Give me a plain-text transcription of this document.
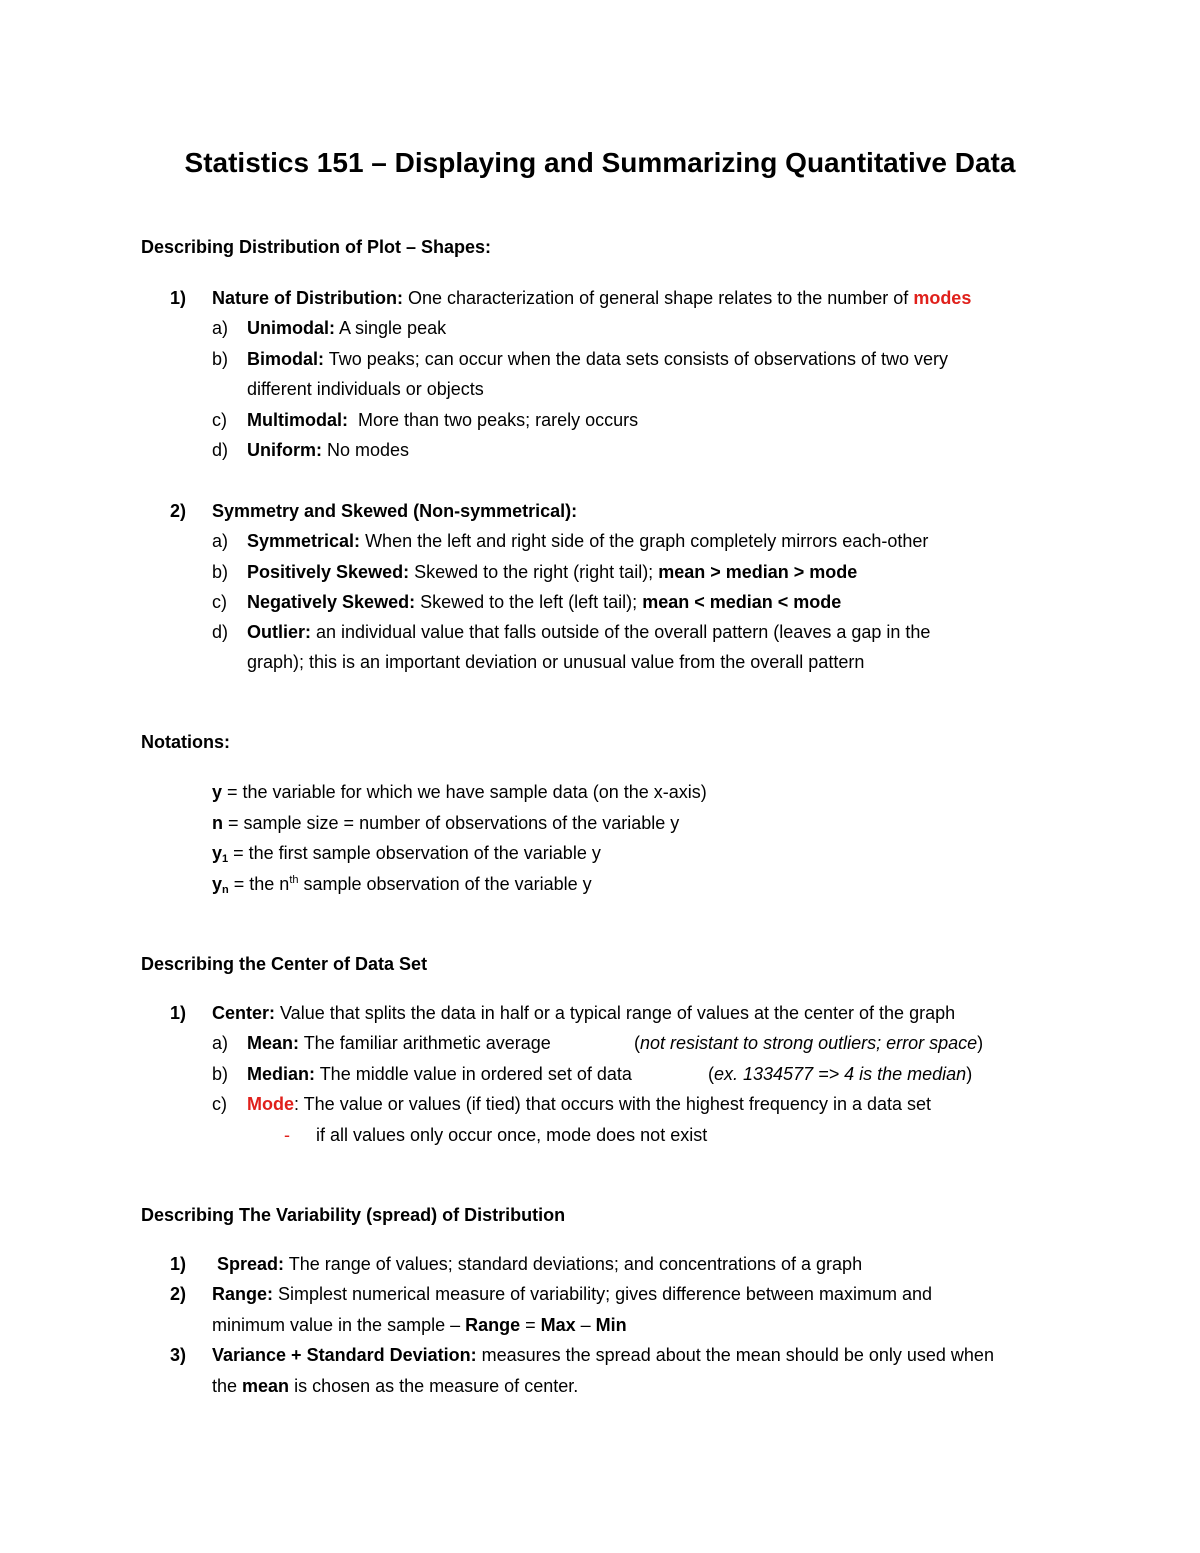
Statistics 151 – Displaying and Summarizing Quantitative Data
Describing Distribution of Plot – Shapes:
1) Nature of Distribution: One characterization of general shape relates to the number of modes
a) Unimodal: A single peak
b) Bimodal: Two peaks; can occur when the data sets consists of observations of two very
different individuals or objects
c) Multimodal:  More than two peaks; rarely occurs
d) Uniform: No modes
2) Symmetry and Skewed (Non-symmetrical):
a) Symmetrical: When the left and right side of the graph completely mirrors each-other
b) Positively Skewed: Skewed to the right (right tail); mean > median > mode
c) Negatively Skewed: Skewed to the left (left tail); mean < median < mode
d) Outlier: an individual value that falls outside of the overall pattern (leaves a gap in the
graph); this is an important deviation or unusual value from the overall pattern
Notations:
y = the variable for which we have sample data (on the x-axis)
n = sample size = number of observations of the variable y
$y_1$ = the first sample observation of the variable y
$y_n$ = the $n^{th}$ sample observation of the variable y
Describing the Center of Data Set
1) Center: Value that splits the data in half or a typical range of values at the center of the graph
a) Mean: The familiar arithmetic average	(not resistant to strong outliers; error space)
b) Median: The middle value in ordered set of data	(ex. 1334577 => 4 is the median)
c) Mode: The value or values (if tied) that occurs with the highest frequency in a data set
- if all values only occur once, mode does not exist
Describing The Variability (spread) of Distribution
1) Spread: The range of values; standard deviations; and concentrations of a graph
2) Range: Simplest numerical measure of variability; gives difference between maximum and
minimum value in the sample – Range = Max – Min
3) Variance + Standard Deviation: measures the spread about the mean should be only used when
the mean is chosen as the measure of center.
